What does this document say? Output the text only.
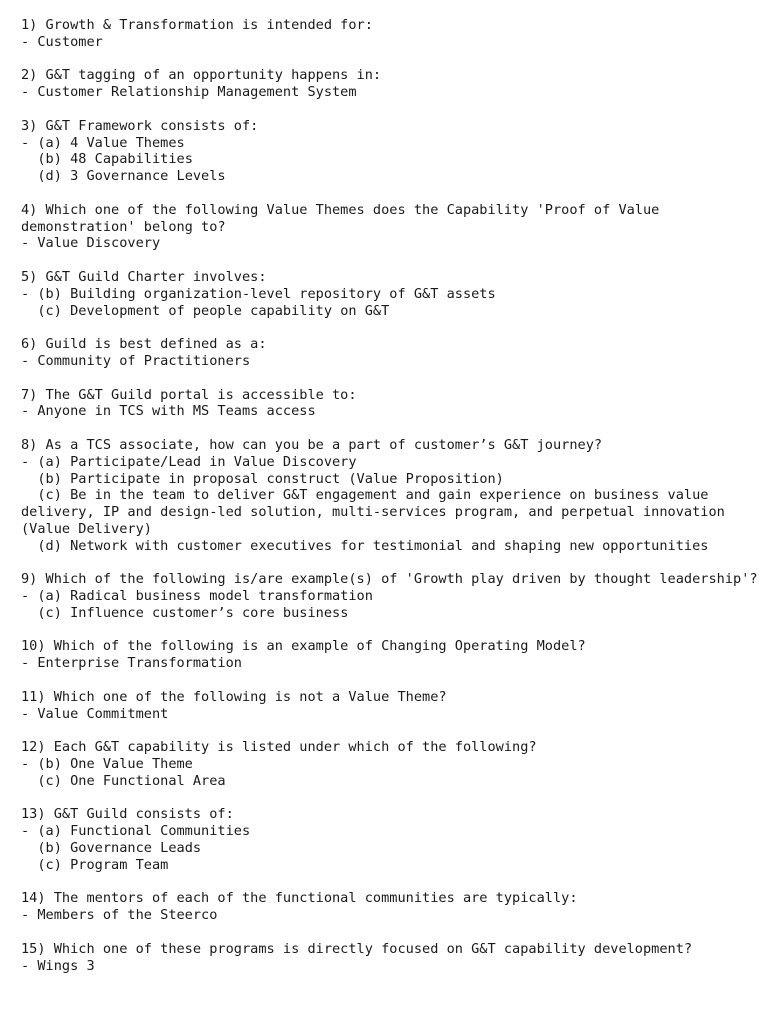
1) Growth & Transformation is intended for:
- Customer
2) G&T tagging of an opportunity happens in:
- Customer Relationship Management System
3) G&T Framework consists of:
- (a) 4 Value Themes
(b) 48 Capabilities
(d) 3 Governance Levels
4) Which one of the following Value Themes does the Capability 'Proof of Value demonstration' belong to?
- Value Discovery
5) G&T Guild Charter involves:
- (b) Building organization-level repository of G&T assets
(c) Development of people capability on G&T
6) Guild is best defined as a:
- Community of Practitioners
7) The G&T Guild portal is accessible to:
- Anyone in TCS with MS Teams access
8) As a TCS associate, how can you be a part of customer’s G&T journey?
- (a) Participate/Lead in Value Discovery
(b) Participate in proposal construct (Value Proposition)
(c) Be in the team to deliver G&T engagement and gain experience on business value delivery, IP and design-led solution, multi-services program, and perpetual innovation (Value Delivery)
(d) Network with customer executives for testimonial and shaping new opportunities
9) Which of the following is/are example(s) of 'Growth play driven by thought leadership'?
- (a) Radical business model transformation
(c) Influence customer’s core business
10) Which of the following is an example of Changing Operating Model?
- Enterprise Transformation
11) Which one of the following is not a Value Theme?
- Value Commitment
12) Each G&T capability is listed under which of the following?
- (b) One Value Theme
(c) One Functional Area
13) G&T Guild consists of:
- (a) Functional Communities
(b) Governance Leads
(c) Program Team
14) The mentors of each of the functional communities are typically:
- Members of the Steerco
15) Which one of these programs is directly focused on G&T capability development?
- Wings 3
